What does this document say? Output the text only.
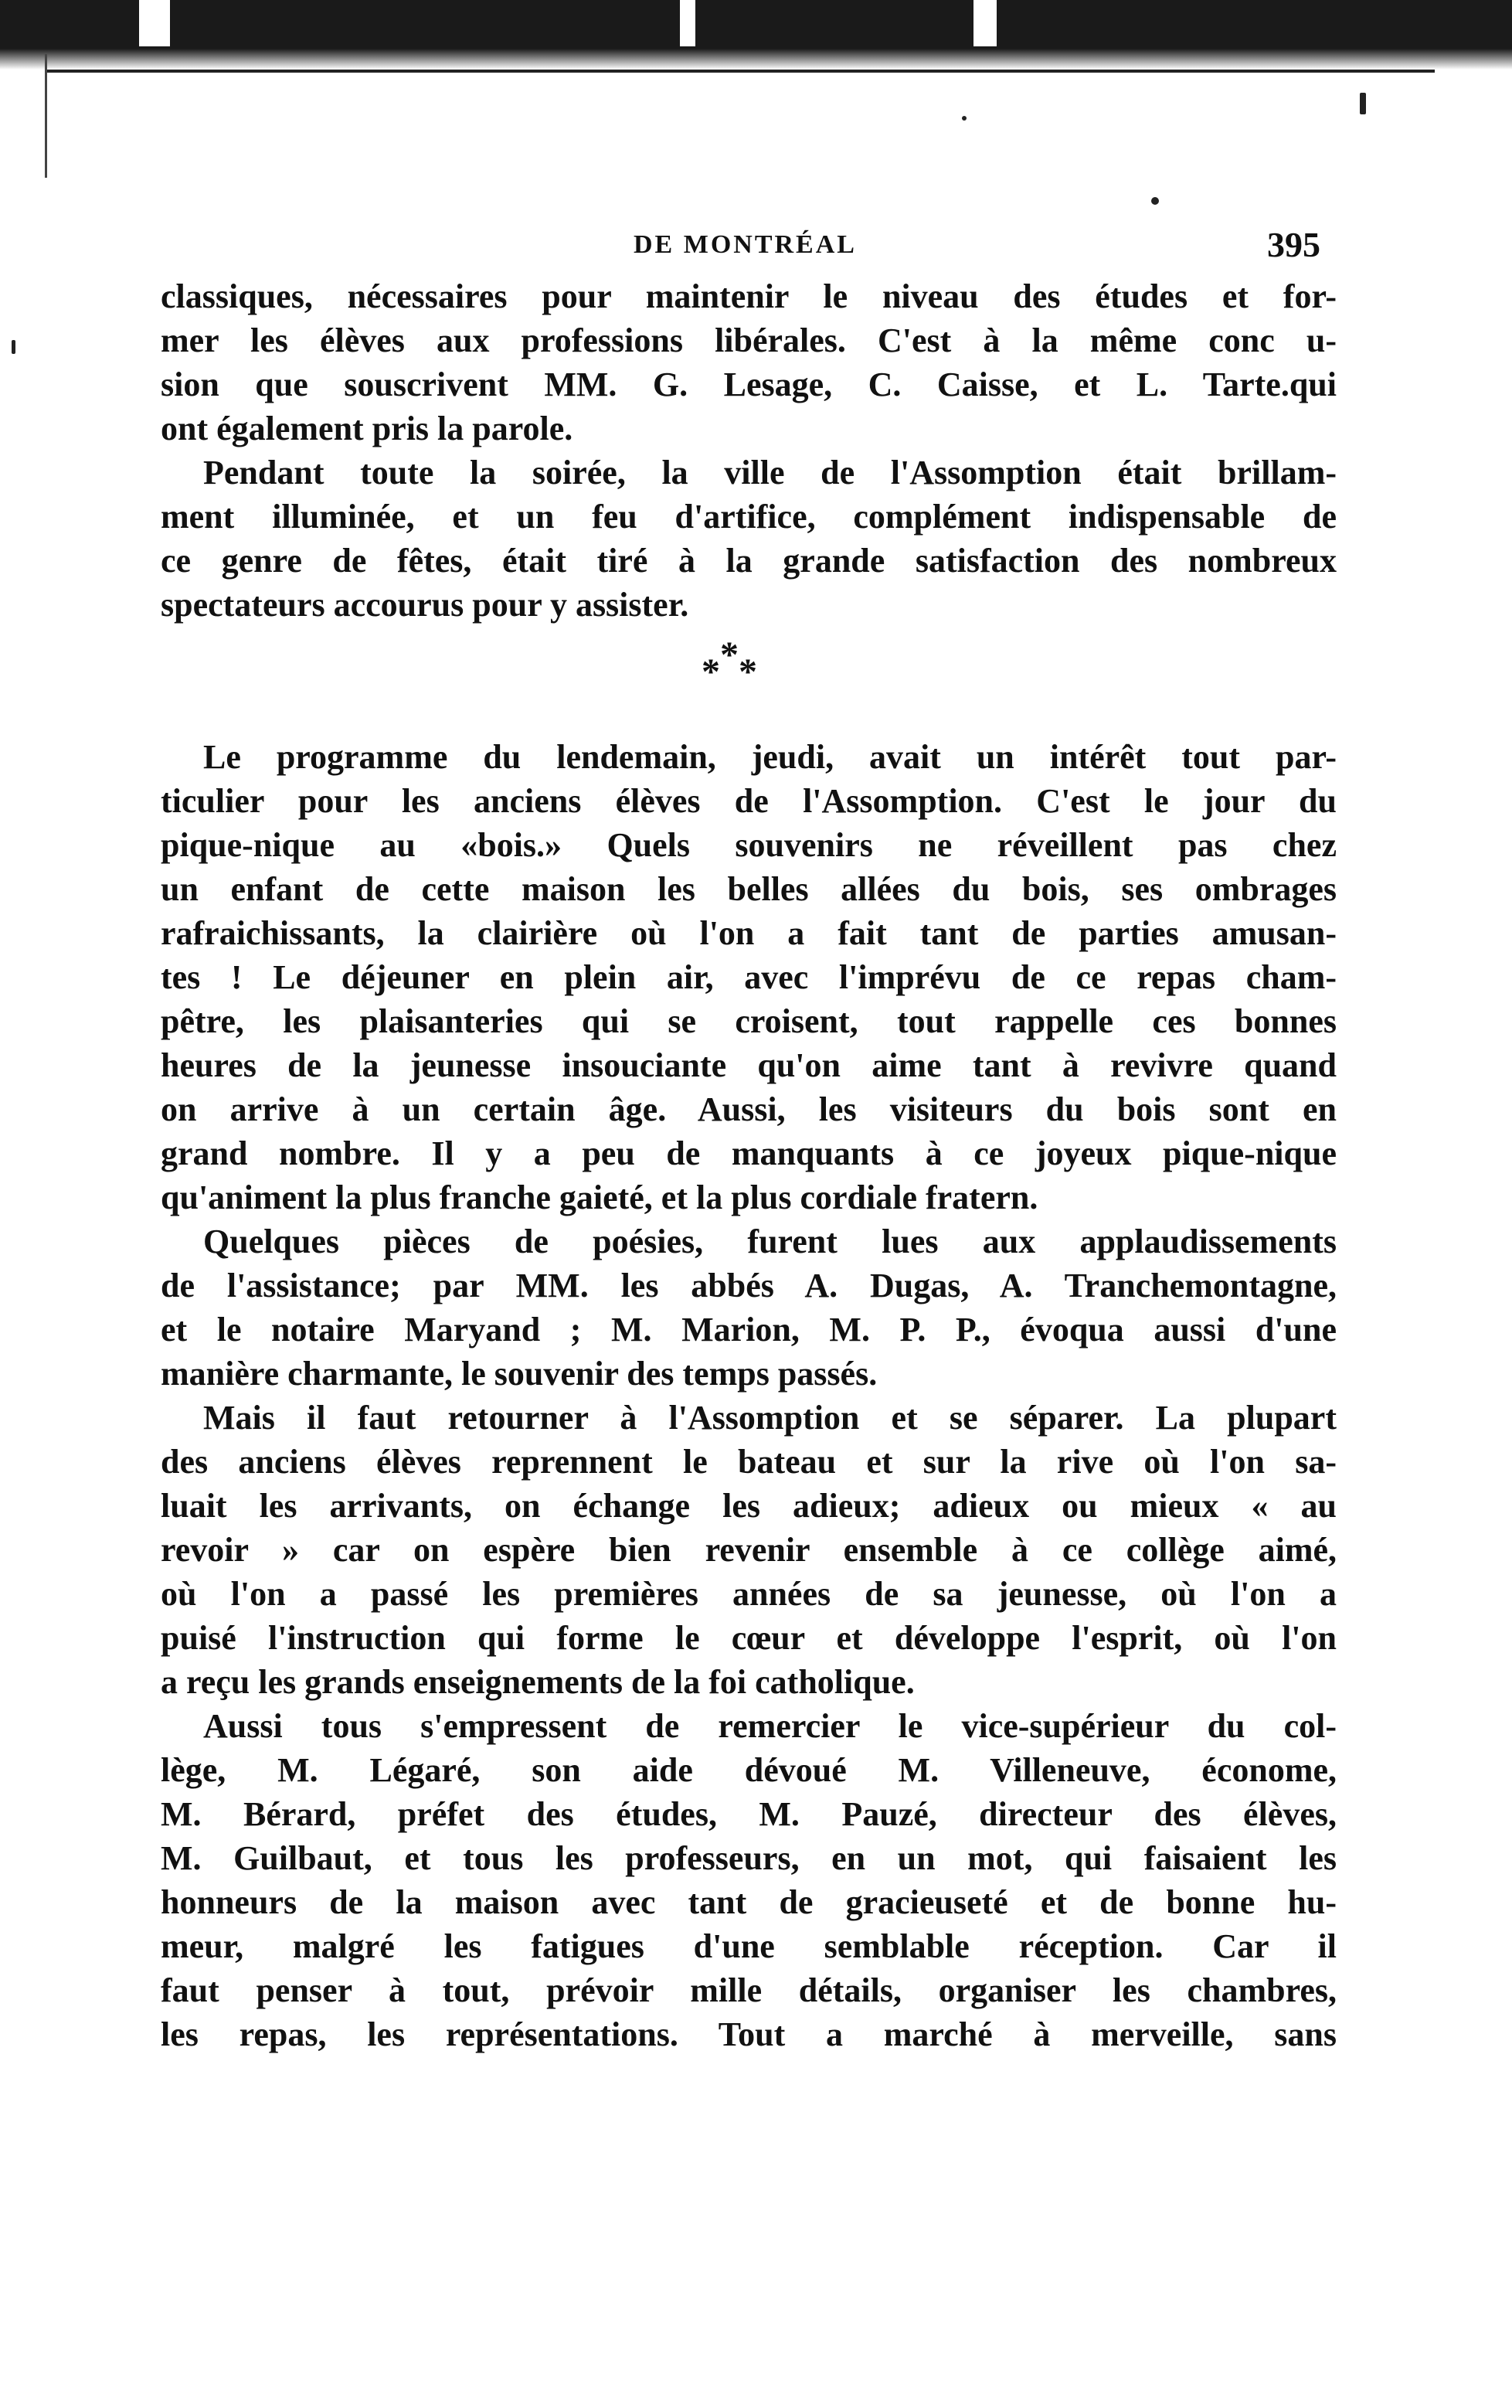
DE MONTRÉAL	395
classiques, nécessaires pour maintenir le niveau des études et for-
mer les élèves aux professions libérales. C'est à la même conc u-
sion que souscrivent MM. G. Lesage, C. Caisse, et L. Tarte.qui
ont également pris la parole.
Pendant toute la soirée, la ville de l'Assomption était brillam-
ment illuminée, et un feu d'artifice, complément indispensable de
ce genre de fêtes, était tiré à la grande satisfaction des nombreux
spectateurs accourus pour y assister.
*
* *
Le programme du lendemain, jeudi, avait un intérêt tout par-
ticulier pour les anciens élèves de l'Assomption. C'est le jour du
pique-nique au «bois.» Quels souvenirs ne réveillent pas chez
un enfant de cette maison les belles allées du bois, ses ombrages
rafraichissants, la clairière où l'on a fait tant de parties amusan-
tes ! Le déjeuner en plein air, avec l'imprévu de ce repas cham-
pêtre, les plaisanteries qui se croisent, tout rappelle ces bonnes
heures de la jeunesse insouciante qu'on aime tant à revivre quand
on arrive à un certain âge. Aussi, les visiteurs du bois sont en
grand nombre. Il y a peu de manquants à ce joyeux pique-nique
qu'animent la plus franche gaieté, et la plus cordiale fratern.
Quelques pièces de poésies, furent lues aux applaudissements
de l'assistance; par MM. les abbés A. Dugas, A. Tranchemontagne,
et le notaire Maryand ; M. Marion, M. P. P., évoqua aussi d'une
manière charmante, le souvenir des temps passés.
Mais il faut retourner à l'Assomption et se séparer. La plupart
des anciens élèves reprennent le bateau et sur la rive où l'on sa-
luait les arrivants, on échange les adieux; adieux ou mieux « au
revoir » car on espère bien revenir ensemble à ce collège aimé,
où l'on a passé les premières années de sa jeunesse, où l'on a
puisé l'instruction qui forme le cœur et développe l'esprit, où l'on
a reçu les grands enseignements de la foi catholique.
Aussi tous s'empressent de remercier le vice-supérieur du col-
lège, M. Légaré, son aide dévoué M. Villeneuve, économe,
M. Bérard, préfet des études, M. Pauzé, directeur des élèves,
M. Guilbaut, et tous les professeurs, en un mot, qui faisaient les
honneurs de la maison avec tant de gracieuseté et de bonne hu-
meur, malgré les fatigues d'une semblable réception. Car il
faut penser à tout, prévoir mille détails, organiser les chambres,
les repas, les représentations. Tout a marché à merveille, sans
